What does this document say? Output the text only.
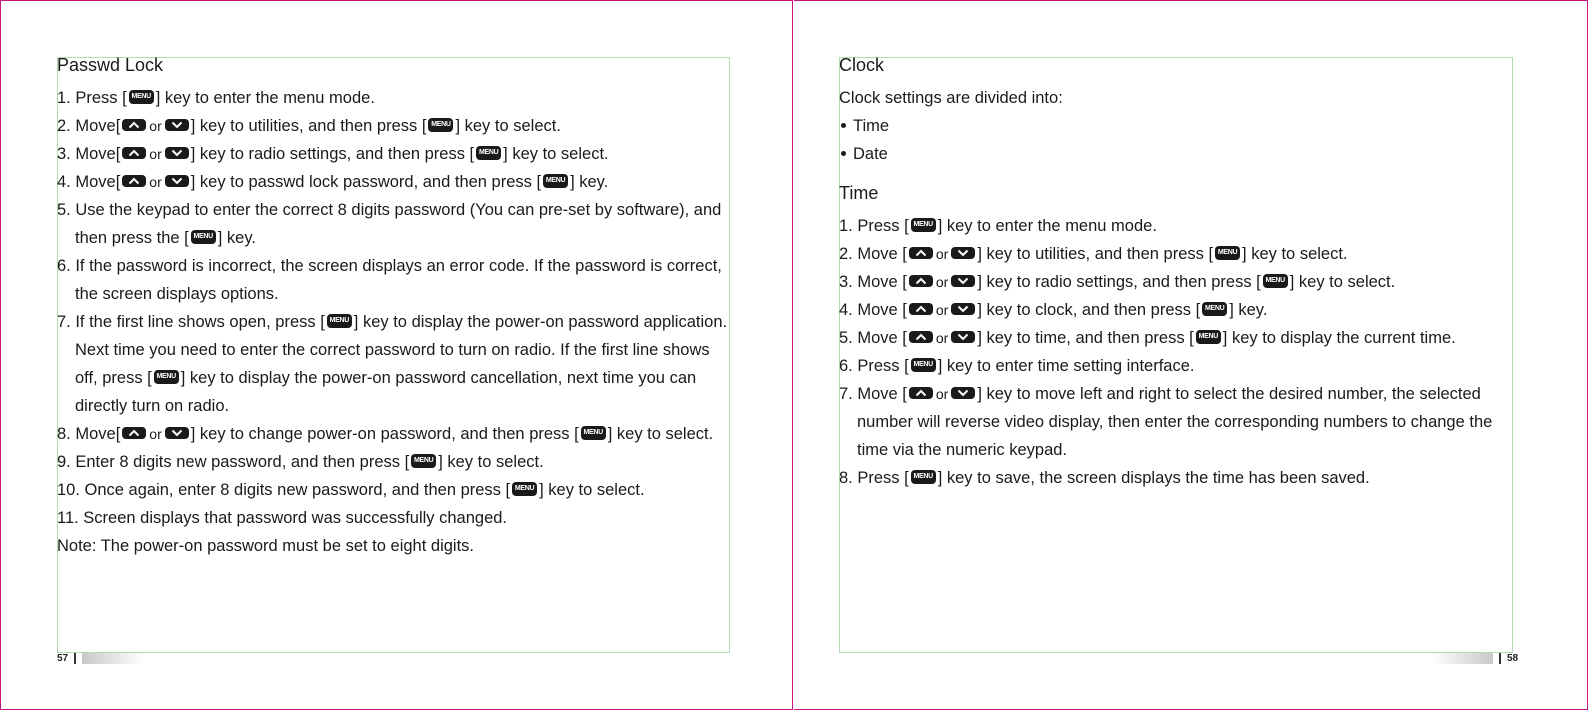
Passwd Lock
1. Press [ MENU ] key to enter the menu mode.
2. Move[ or ] key to utilities, and then press [ MENU ] key to select.
3. Move[ or ] key to radio settings, and then press [ MENU ] key to select.
4. Move[ or ] key to passwd lock password, and then press [ MENU ] key.
5. Use the keypad to enter the correct 8 digits password (You can pre-set by software), and
then press the [ MENU ] key.
6. If the password is incorrect, the screen displays an error code. If the password is correct,
the screen displays options.
7. If the first line shows open, press [ MENU ] key to display the power-on password application.
Next time you need to enter the correct password to turn on radio. If the first line shows
off, press [ MENU ] key to display the power-on password cancellation, next time you can
directly turn on radio.
8. Move[ or ] key to change power-on password, and then press [ MENU ] key to select.
9. Enter 8 digits new password, and then press [ MENU ] key to select.
10. Once again, enter 8 digits new password, and then press [ MENU ] key to select.
11. Screen displays that password was successfully changed.
Note: The power-on password must be set to eight digits.
57
Clock
Clock settings are divided into:
Time
Date
Time
1. Press [ MENU ] key to enter the menu mode.
2. Move [ or ] key to utilities, and then press [ MENU ] key to select.
3. Move [ or ] key to radio settings, and then press [ MENU ] key to select.
4. Move [ or ] key to clock, and then press [ MENU ] key.
5. Move [ or ] key to time, and then press [ MENU ] key to display the current time.
6. Press [ MENU ] key to enter time setting interface.
7. Move [ or ] key to move left and right to select the desired number, the selected
number will reverse video display, then enter the corresponding numbers to change the
time via the numeric keypad.
8. Press [ MENU ] key to save, the screen displays the time has been saved.
58
